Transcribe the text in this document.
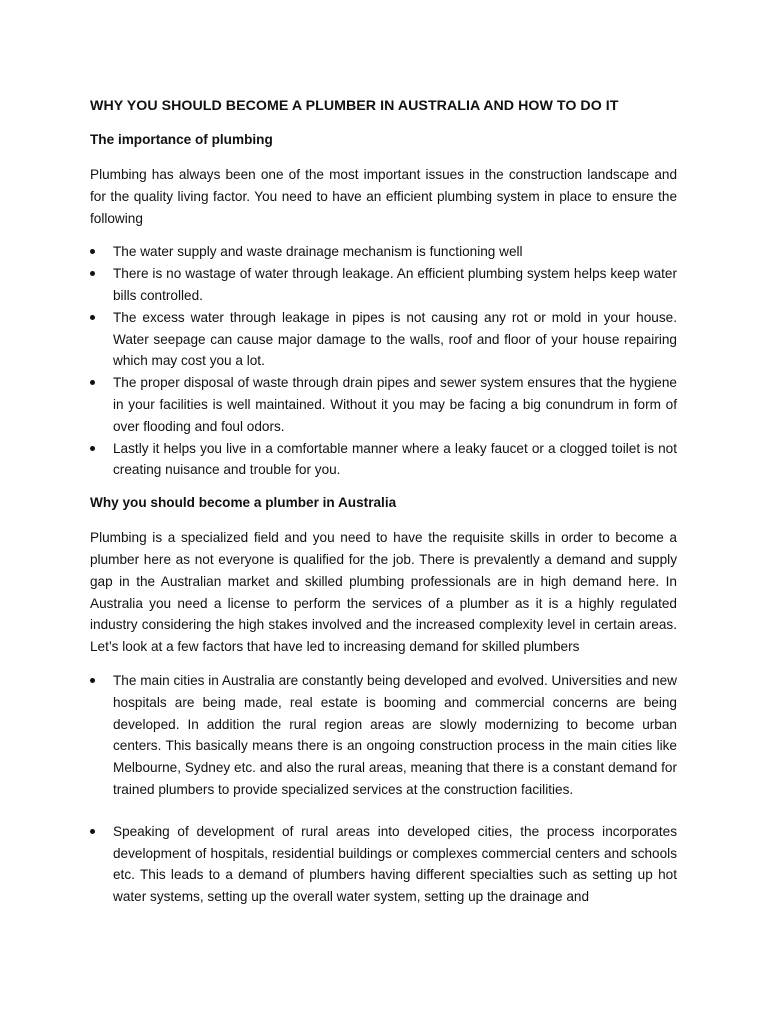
WHY YOU SHOULD BECOME A PLUMBER IN AUSTRALIA AND HOW TO DO IT
The importance of plumbing

Plumbing has always been one of the most important issues in the construction landscape and for the quality living factor. You need to have an efficient plumbing system in place to ensure the following

The water supply and waste drainage mechanism is functioning well
There is no wastage of water through leakage. An efficient plumbing system helps keep water bills controlled.
The excess water through leakage in pipes is not causing any rot or mold in your house. Water seepage can cause major damage to the walls, roof and floor of your house repairing which may cost you a lot.
The proper disposal of waste through drain pipes and sewer system ensures that the hygiene in your facilities is well maintained. Without it you may be facing a big conundrum in form of over flooding and foul odors.
Lastly it helps you live in a comfortable manner where a leaky faucet or a clogged toilet is not creating nuisance and trouble for you.
Why you should become a plumber in Australia

Plumbing is a specialized field and you need to have the requisite skills in order to become a plumber here as not everyone is qualified for the job. There is prevalently a demand and supply gap in the Australian market and skilled plumbing professionals are in high demand here. In Australia you need a license to perform the services of a plumber as it is a highly regulated industry considering the high stakes involved and the increased complexity level in certain areas. Let’s look at a few factors that have led to increasing demand for skilled plumbers

The main cities in Australia are constantly being developed and evolved. Universities and new hospitals are being made, real estate is booming and commercial concerns are being developed. In addition the rural region areas are slowly modernizing to become urban centers. This basically means there is an ongoing construction process in the main cities like Melbourne, Sydney etc. and also the rural areas, meaning that there is a constant demand for trained plumbers to provide specialized services at the construction facilities.
Speaking of development of rural areas into developed cities, the process incorporates development of hospitals, residential buildings or complexes commercial centers and schools etc. This leads to a demand of plumbers having different specialties such as setting up hot water systems, setting up the overall water system, setting up the drainage and
